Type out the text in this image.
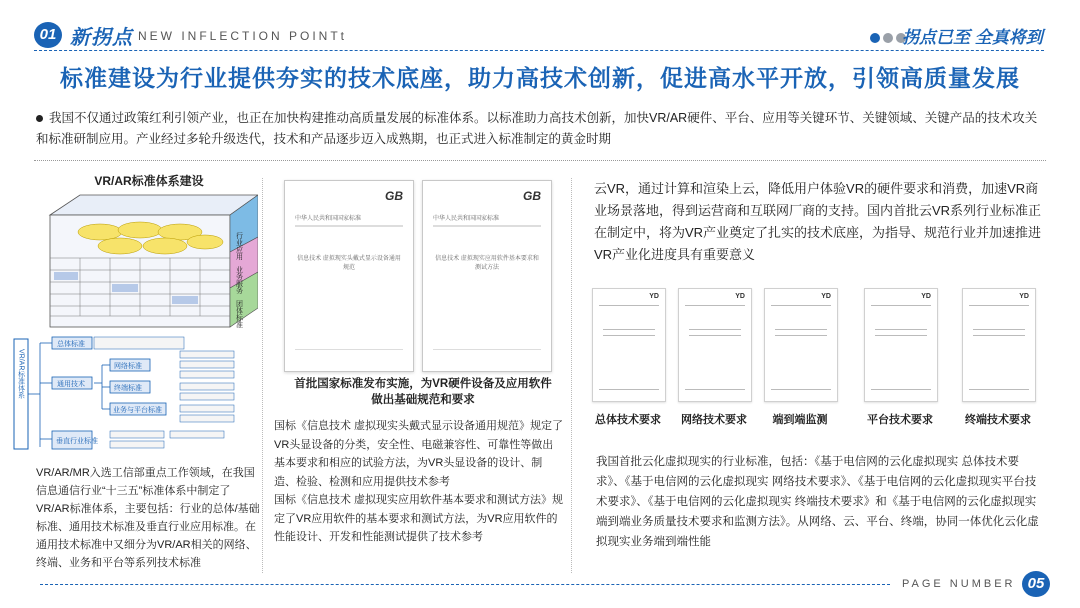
01 新拐点 NEW INFLECTION POINTt	拐点已至 全真将到
标准建设为行业提供夯实的技术底座，助力高技术创新，促进高水平开放，引领高质量发展
我国不仅通过政策红利引领产业，也正在加快构建推动高质量发展的标准体系。以标准助力高技术创新，加快VR/AR硬件、平台、应用等关键环节、关键领域、关键产品的技术攻关和标准研制应用。产业经过多轮升级迭代，技术和产品逐步迈入成熟期，也正式进入标准制定的黄金时期
VR/AR标准体系建设
行业应用
业务服务
团体标准
VR/AR标准体系
总体标准
通用技术
网络标准
终端标准
业务与平台标准
垂直行业标准
VR/AR/MR入选工信部重点工作领域，在我国信息通信行业“十三五”标准体系中制定了VR/AR标准体系，主要包括：行业的总体/基础标准、通用技术标准及垂直行业应用标准。在通用技术标准中又细分为VR/AR相关的网络、终端、业务和平台等系列技术标准
GB
中华人民共和国国家标准
信息技术 虚拟现实头戴式显示设备通用规范
GB
中华人民共和国国家标准
信息技术 虚拟现实应用软件基本要求和测试方法
首批国家标准发布实施，为VR硬件设备及应用软件做出基础规范和要求
国标《信息技术 虚拟现实头戴式显示设备通用规范》规定了VR头显设备的分类，安全性、电磁兼容性、可靠性等做出基本要求和相应的试验方法，为VR头显设备的设计、制造、检验、检测和应用提供技术参考
国标《信息技术 虚拟现实应用软件基本要求和测试方法》规定了VR应用软件的基本要求和测试方法，为VR应用软件的性能设计、开发和性能测试提供了技术参考
云VR，通过计算和渲染上云，降低用户体验VR的硬件要求和消费，加速VR商业场景落地，得到运营商和互联网厂商的支持。国内首批云VR系列行业标准正在制定中，将为VR产业奠定了扎实的技术底座，为指导、规范行业并加速推进VR产业化进度具有重要意义
YD	YD	YD	YD	YD
总体技术要求	网络技术要求	端到端监测	平台技术要求	终端技术要求
我国首批云化虚拟现实的行业标准，包括：《基于电信网的云化虚拟现实 总体技术要求》、《基于电信网的云化虚拟现实 网络技术要求》、《基于电信网的云化虚拟现实平台技术要求》、《基于电信网的云化虚拟现实 终端技术要求》和《基于电信网的云化虚拟现实 端到端业务质量技术要求和监测方法》。从网络、云、平台、终端，协同一体优化云化虚拟现实业务端到端性能
PAGE NUMBER 05
